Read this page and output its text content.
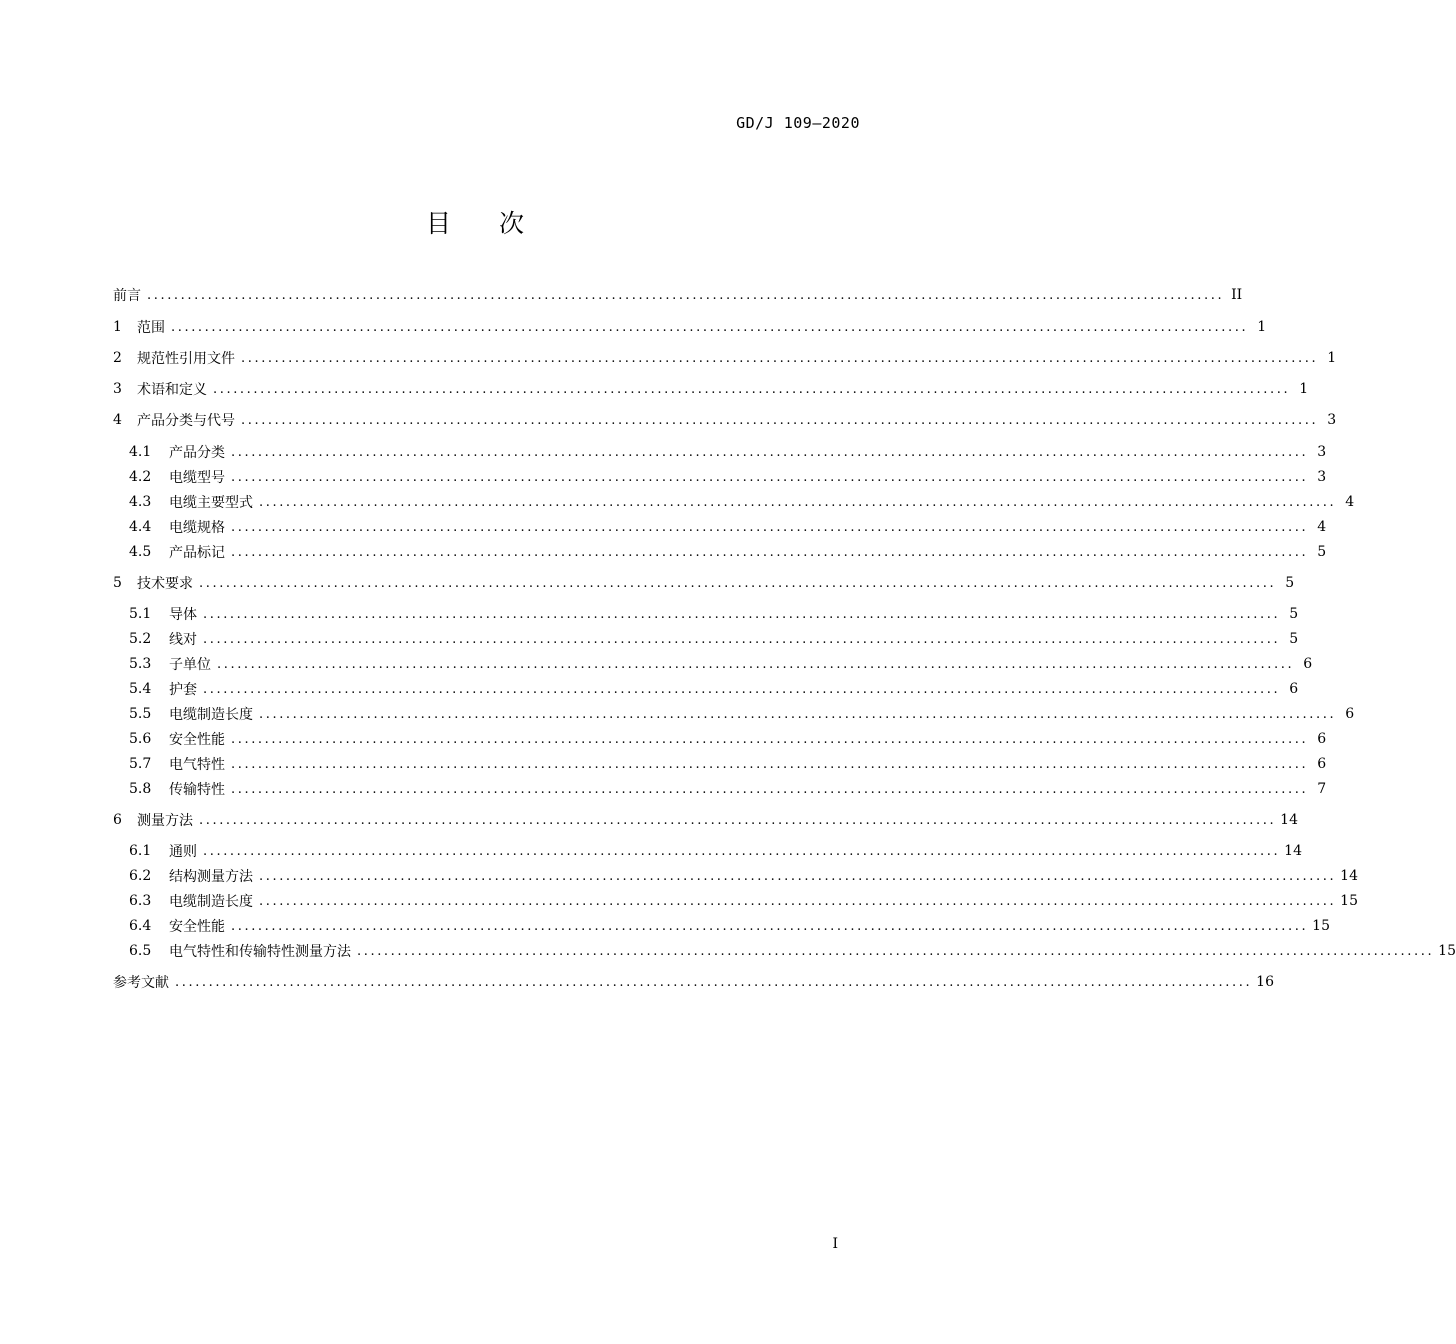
GD/J 109—2020
目 次
前言 ................................................................................................................................................................ II
1	范围 ................................................................................................................................................................ 1
2	规范性引用文件 ................................................................................................................................................................ 1
3	术语和定义 ................................................................................................................................................................ 1
4	产品分类与代号 ................................................................................................................................................................ 3
4.1	产品分类 ................................................................................................................................................................ 3
4.2	电缆型号 ................................................................................................................................................................ 3
4.3	电缆主要型式 ................................................................................................................................................................ 4
4.4	电缆规格 ................................................................................................................................................................ 4
4.5	产品标记 ................................................................................................................................................................ 5
5	技术要求 ................................................................................................................................................................ 5
5.1	导体 ................................................................................................................................................................ 5
5.2	线对 ................................................................................................................................................................ 5
5.3	子单位 ................................................................................................................................................................ 6
5.4	护套 ................................................................................................................................................................ 6
5.5	电缆制造长度 ................................................................................................................................................................ 6
5.6	安全性能 ................................................................................................................................................................ 6
5.7	电气特性 ................................................................................................................................................................ 6
5.8	传输特性 ................................................................................................................................................................ 7
6	测量方法 ................................................................................................................................................................ 14
6.1	通则 ................................................................................................................................................................ 14
6.2	结构测量方法 ................................................................................................................................................................ 14
6.3	电缆制造长度 ................................................................................................................................................................ 15
6.4	安全性能 ................................................................................................................................................................ 15
6.5	电气特性和传输特性测量方法 ................................................................................................................................................................ 15
参考文献 ................................................................................................................................................................ 16
I
